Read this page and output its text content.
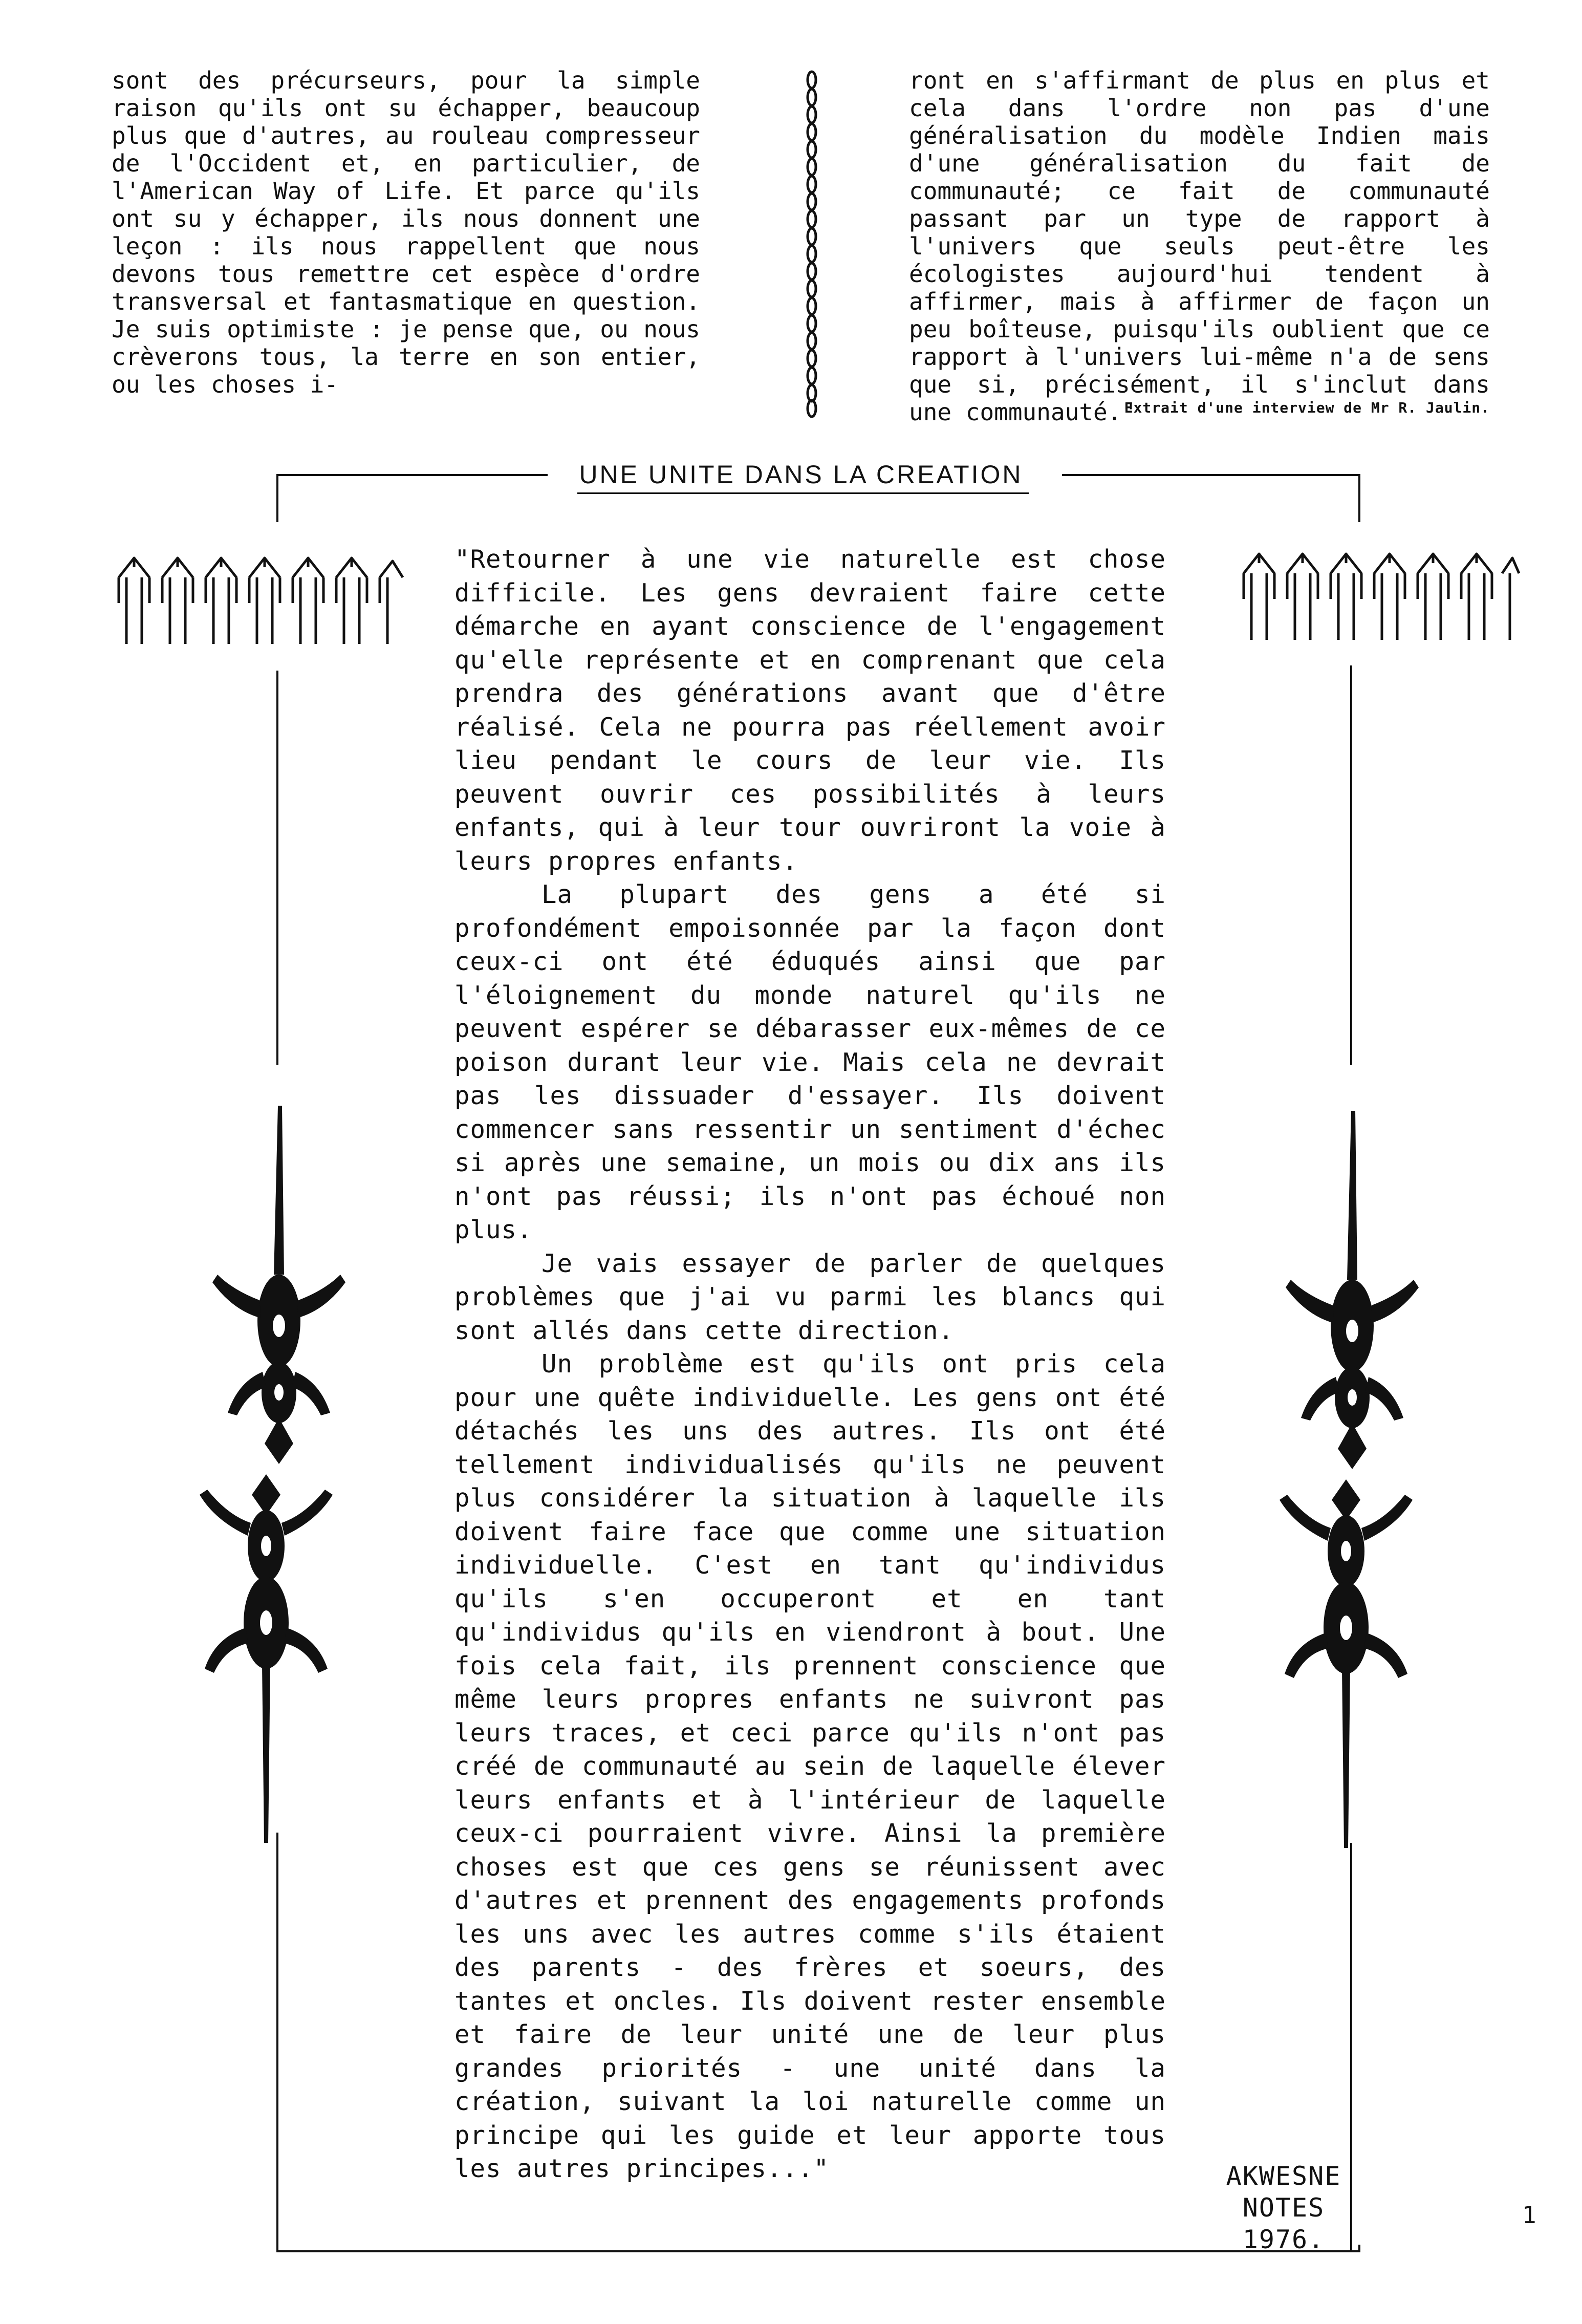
sont des précurseurs, pour la simple raison qu'ils ont su échapper, beaucoup plus que d'autres, au rouleau compresseur de l'Occident et, en particulier, de l'American Way of Life. Et parce qu'ils ont su y échapper, ils nous donnent une leçon : ils nous rappellent que nous devons tous remettre cet espèce d'ordre transversal et fantasmatique en question. Je suis optimiste : je pense que, ou nous crèverons tous, la terre en son entier, ou les choses i-

ront en s'affirmant de plus en plus et cela dans l'ordre non pas d'une généralisation du modèle Indien mais d'une généralisation du fait de communauté; ce fait de communauté passant par un type de rapport à l'univers que seuls peut-être les écologistes aujourd'hui tendent à affirmer, mais à affirmer de façon un peu boîteuse, puisqu'ils oublient que ce rapport à l'univers lui-même n'a de sens que si, précisément, il s'inclut dans une communauté."

Extrait d'une interview de Mr R. Jaulin.
UNE UNITE DANS LA CREATION

"Retourner à une vie naturelle est chose difficile. Les gens devraient faire cette démarche en ayant conscience de l'engagement qu'elle représente et en comprenant que cela prendra des générations avant que d'être réalisé. Cela ne pourra pas réellement avoir lieu pendant le cours de leur vie. Ils peuvent ouvrir ces possibilités à leurs enfants, qui à leur tour ouvriront la voie à leurs propres enfants.

La plupart des gens a été si profondément empoisonnée par la façon dont ceux-ci ont été éduqués ainsi que par l'éloignement du monde naturel qu'ils ne peuvent espérer se débarasser eux-mêmes de ce poison durant leur vie. Mais cela ne devrait pas les dissuader d'essayer. Ils doivent commencer sans ressentir un sentiment d'échec si après une semaine, un mois ou dix ans ils n'ont pas réussi; ils n'ont pas échoué non plus.

Je vais essayer de parler de quelques problèmes que j'ai vu parmi les blancs qui sont allés dans cette direction.

Un problème est qu'ils ont pris cela pour une quête individuelle. Les gens ont été détachés les uns des autres. Ils ont été tellement individualisés qu'ils ne peuvent plus considérer la situation à laquelle ils doivent faire face que comme une situation individuelle. C'est en tant qu'individus qu'ils s'en occuperont et en tant qu'individus qu'ils en viendront à bout. Une fois cela fait, ils prennent conscience que même leurs propres enfants ne suivront pas leurs traces, et ceci parce qu'ils n'ont pas créé de communauté au sein de laquelle élever leurs enfants et à l'intérieur de laquelle ceux-ci pourraient vivre. Ainsi la première choses est que ces gens se réunissent avec d'autres et prennent des engagements profonds les uns avec les autres comme s'ils étaient des parents - des frères et soeurs, des tantes et oncles. Ils doivent rester ensemble et faire de leur unité une de leur plus grandes priorités - une unité dans la création, suivant la loi naturelle comme un principe qui les guide et leur apporte tous les autres principes..."	AKWESNE NOTES
1976.
1
